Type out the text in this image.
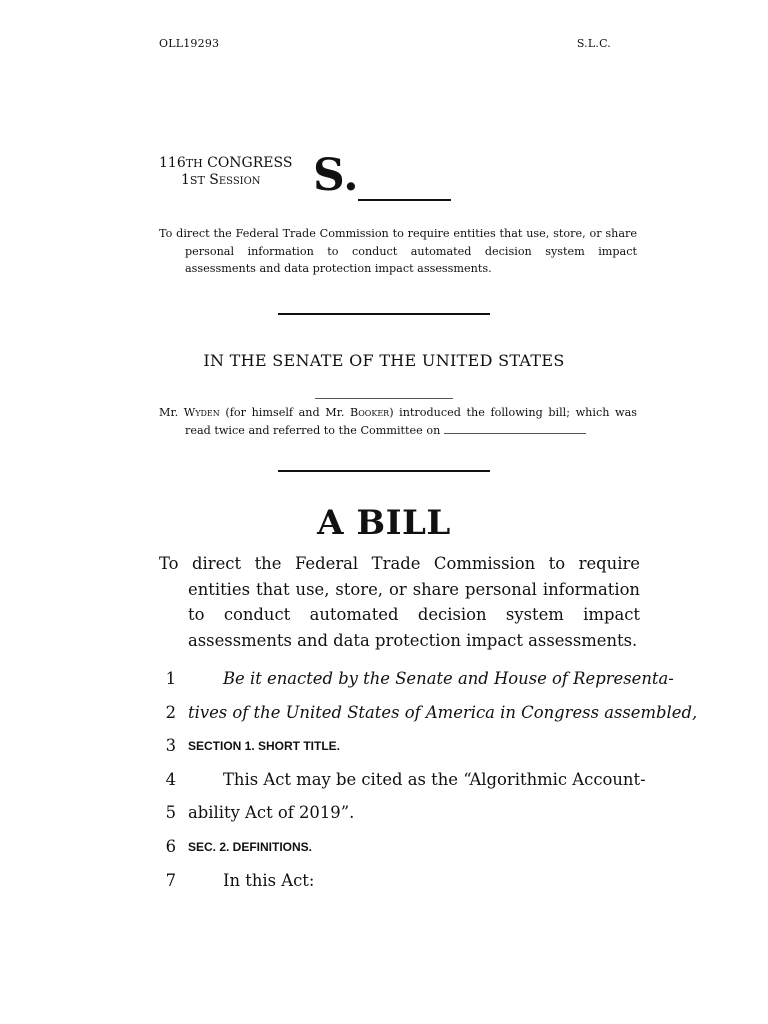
OLL19293	S.L.C.
116TH CONGRESS
1ST Session	S.
To direct the Federal Trade Commission to require entities that use, store, or share personal information to conduct automated decision system impact assessments and data protection impact assessments.
IN THE SENATE OF THE UNITED STATES
Mr. Wyden (for himself and Mr. Booker) introduced the following bill; which was read twice and referred to the Committee on
A BILL
To direct the Federal Trade Commission to require entities that use, store, or share personal information to conduct automated decision system impact assessments and data protection impact assessments.
1	Be it enacted by the Senate and House of Representa-
2 tives of the United States of America in Congress assembled,
3 SECTION 1. SHORT TITLE.
4	This Act may be cited as the “Algorithmic Account-
5 ability Act of 2019”.
6 SEC. 2. DEFINITIONS.
7	In this Act:
